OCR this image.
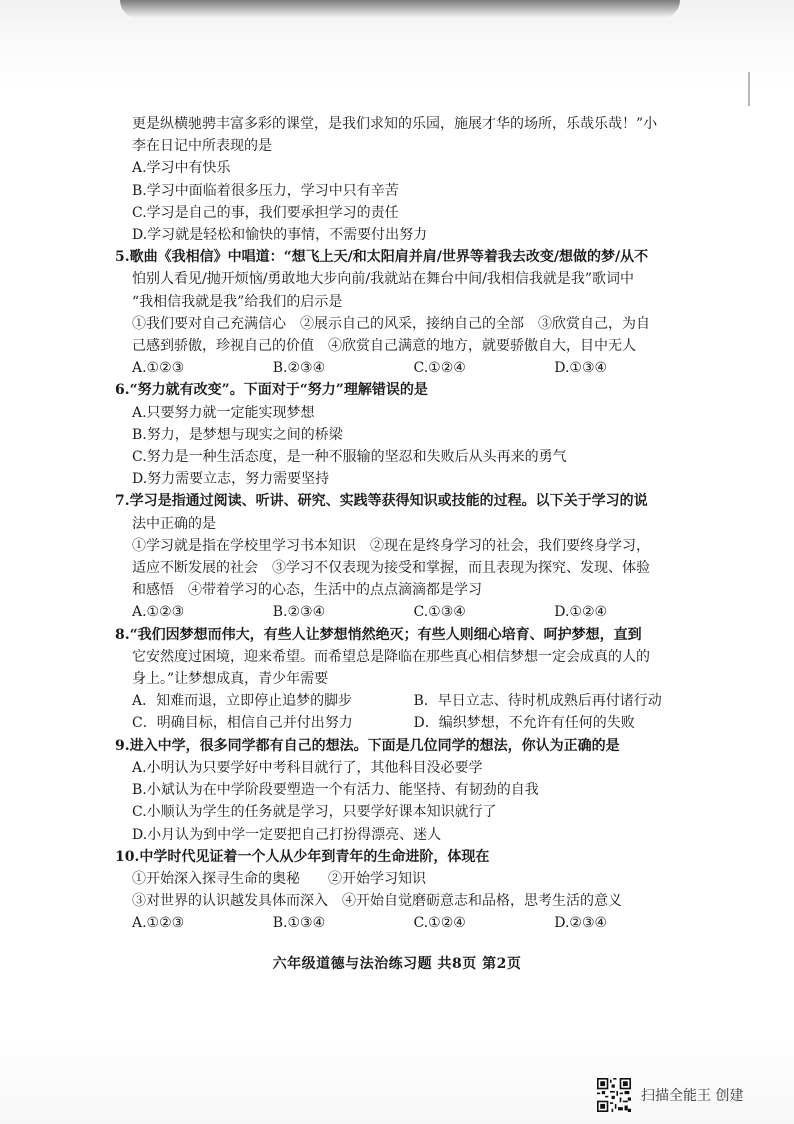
更是纵横驰骋丰富多彩的课堂，是我们求知的乐园，施展才华的场所，乐哉乐哉！”小
李在日记中所表现的是
A.学习中有快乐
B.学习中面临着很多压力，学习中只有辛苦
C.学习是自己的事，我们要承担学习的责任
D.学习就是轻松和愉快的事情，不需要付出努力
5.歌曲《我相信》中唱道：“想飞上天/和太阳肩并肩/世界等着我去改变/想做的梦/从不
怕别人看见/抛开烦恼/勇敢地大步向前/我就站在舞台中间/我相信我就是我”歌词中
“我相信我就是我”给我们的启示是
①我们要对自己充满信心　②展示自己的风采，接纳自己的全部　③欣赏自己，为自
己感到骄傲，珍视自己的价值　④欣赏自己满意的地方，就要骄傲自大，目中无人
A.①②③	B.②③④	C.①②④	D.①③④
6.“努力就有改变”。下面对于“努力”理解错误的是
A.只要努力就一定能实现梦想
B.努力，是梦想与现实之间的桥梁
C.努力是一种生活态度，是一种不服输的坚忍和失败后从头再来的勇气
D.努力需要立志，努力需要坚持
7.学习是指通过阅读、听讲、研究、实践等获得知识或技能的过程。以下关于学习的说
法中正确的是
①学习就是指在学校里学习书本知识　②现在是终身学习的社会，我们要终身学习，
适应不断发展的社会　③学习不仅表现为接受和掌握，而且表现为探究、发现、体验
和感悟　④带着学习的心态，生活中的点点滴滴都是学习
A.①②③	B.②③④	C.①③④	D.①②④
8.“我们因梦想而伟大，有些人让梦想悄然绝灭；有些人则细心培育、呵护梦想，直到
它安然度过困境，迎来希望。而希望总是降临在那些真心相信梦想一定会成真的人的
身上。”让梦想成真，青少年需要
A．知难而退，立即停止追梦的脚步	B．早日立志、待时机成熟后再付诸行动
C．明确目标，相信自己并付出努力	D．编织梦想，不允许有任何的失败
9.进入中学，很多同学都有自己的想法。下面是几位同学的想法，你认为正确的是
A.小明认为只要学好中考科目就行了，其他科目没必要学
B.小斌认为在中学阶段要塑造一个有活力、能坚持、有韧劲的自我
C.小顺认为学生的任务就是学习，只要学好课本知识就行了
D.小月认为到中学一定要把自己打扮得漂亮、迷人
10.中学时代见证着一个人从少年到青年的生命进阶，体现在
①开始深入探寻生命的奥秘　　②开始学习知识
③对世界的认识越发具体而深入　④开始自觉磨砺意志和品格，思考生活的意义
A.①②③	B.①③④	C.①②④	D.②③④
六年级道德与法治练习题 共8页 第2页
扫描全能王 创建
